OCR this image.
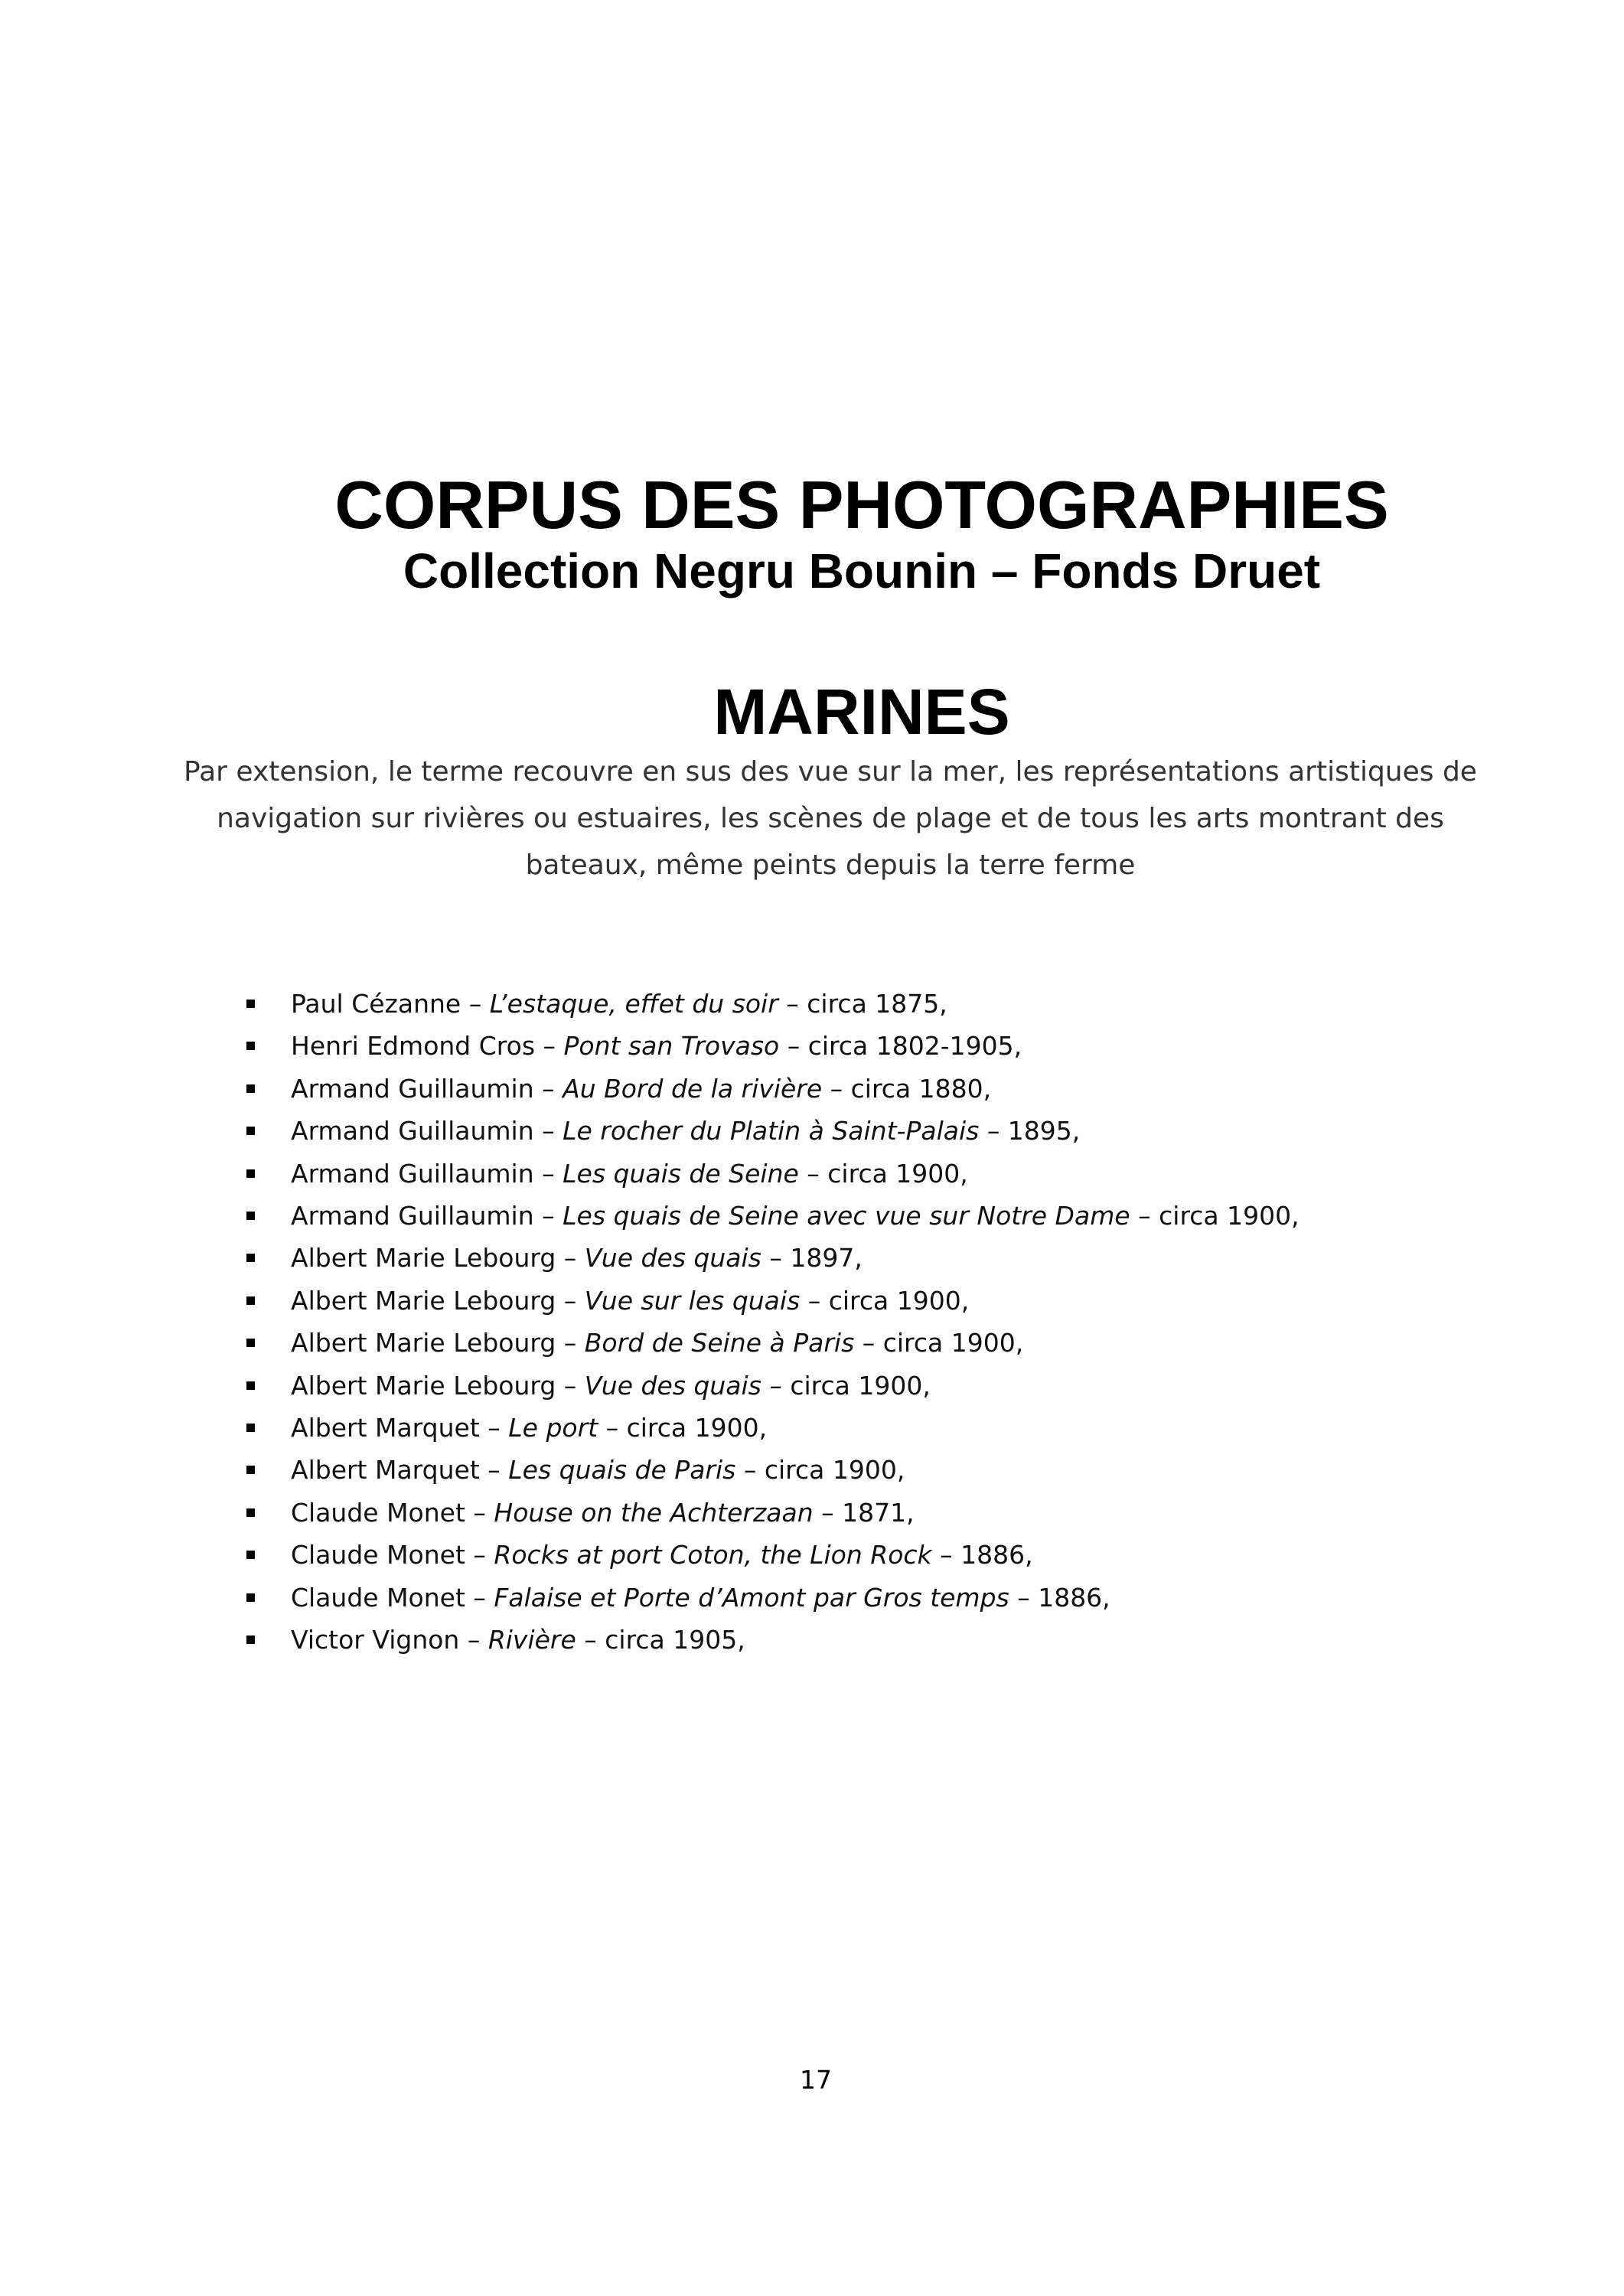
CORPUS DES PHOTOGRAPHIES
Collection Negru Bounin – Fonds Druet
MARINES
Par extension, le terme recouvre en sus des vue sur la mer, les représentations artistiques de navigation sur rivières ou estuaires, les scènes de plage et de tous les arts montrant des bateaux, même peints depuis la terre ferme
Paul Cézanne – L’estaque, effet du soir – circa 1875,
Henri Edmond Cros – Pont san Trovaso – circa 1802-1905,
Armand Guillaumin – Au Bord de la rivière – circa 1880,
Armand Guillaumin – Le rocher du Platin à Saint-Palais – 1895,
Armand Guillaumin – Les quais de Seine – circa 1900,
Armand Guillaumin – Les quais de Seine avec vue sur Notre Dame – circa 1900,
Albert Marie Lebourg – Vue des quais – 1897,
Albert Marie Lebourg – Vue sur les quais – circa 1900,
Albert Marie Lebourg – Bord de Seine à Paris – circa 1900,
Albert Marie Lebourg – Vue des quais – circa 1900,
Albert Marquet – Le port – circa 1900,
Albert Marquet – Les quais de Paris – circa 1900,
Claude Monet – House on the Achterzaan – 1871,
Claude Monet – Rocks at port Coton, the Lion Rock – 1886,
Claude Monet – Falaise et Porte d’Amont par Gros temps – 1886,
Victor Vignon – Rivière – circa 1905,
17
